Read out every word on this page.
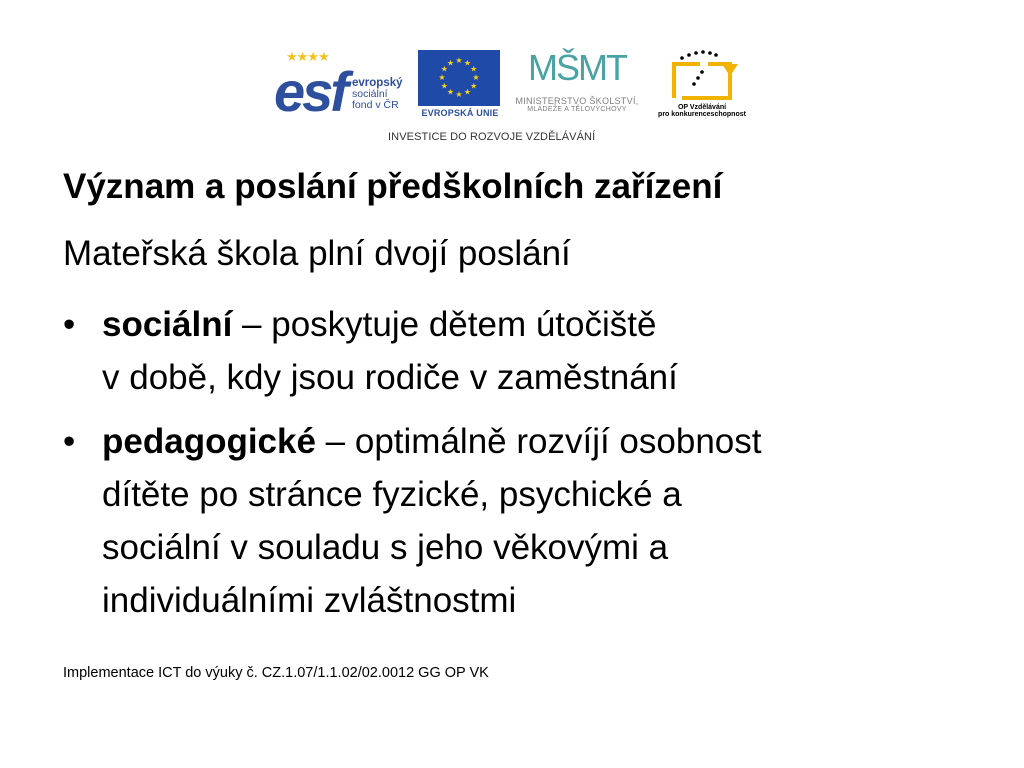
★★★★
esf evropský
sociální
fond v ČR
★ ★
★
★
★
★
★
★
★
★
★
★
EVROPSKÁ UNIE
MŠMT
MINISTERSTVO ŠKOLSTVÍ,
MLÁDEŽE A TĚLOVÝCHOVY	OP Vzdělávání
pro konkurenceschopnost
INVESTICE DO ROZVOJE VZDĚLÁVÁNÍ
Význam a poslání předškolních zařízení

Mateřská škola plní dvojí poslání

• sociální – poskytuje dětem útočiště
v době, kdy jsou rodiče v zaměstnání
• pedagogické – optimálně rozvíjí osobnost
dítěte po stránce fyzické, psychické a
sociální v souladu s jeho věkovými a
individuálními zvláštnostmi
Implementace ICT do výuky č. CZ.1.07/1.1.02/02.0012 GG OP VK
